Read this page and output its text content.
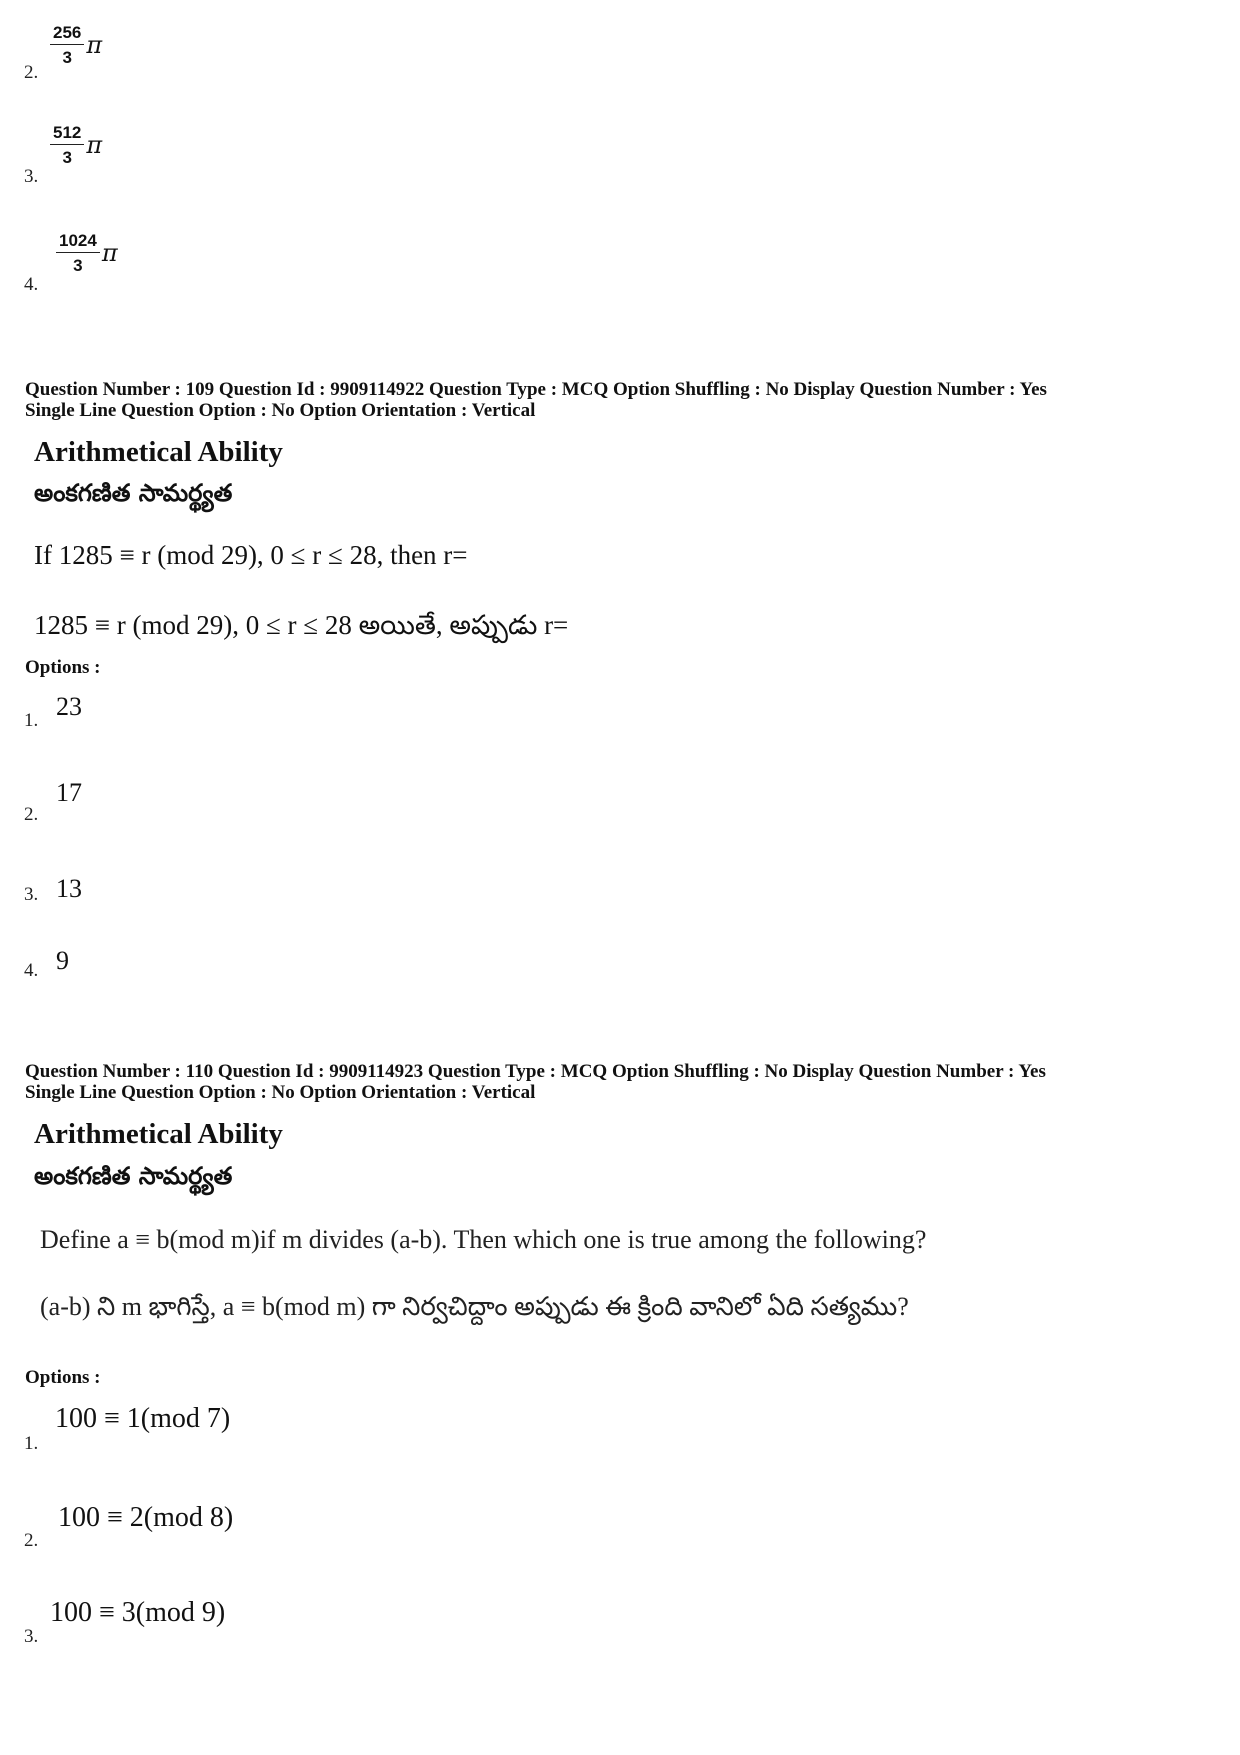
2.
$\frac{256}{3}$ π
3.
$\frac{512}{3}$ π
4.
$\frac{1024}{3}$ π
Question Number : 109 Question Id : 9909114922 Question Type : MCQ Option Shuffling : No Display Question Number : Yes
Single Line Question Option : No Option Orientation : Vertical
Arithmetical Ability
అంకగణిత సామర్థ్యత
If 1285 ≡ r (mod 29), 0 ≤ r ≤ 28, then r=
1285 ≡ r (mod 29), 0 ≤ r ≤ 28 అయితే, అప్పుడు r=
Options :
1. 23
2.
17
3. 13
4. 9
Question Number : 110 Question Id : 9909114923 Question Type : MCQ Option Shuffling : No Display Question Number : Yes
Single Line Question Option : No Option Orientation : Vertical
Arithmetical Ability
అంకగణిత సామర్థ్యత
Define a ≡ b(mod m)if m divides (a-b). Then which one is true among the following?
(a-b) ని m భాగిస్తే, a ≡ b(mod m) గా నిర్వచిద్దాం అప్పుడు ఈ క్రింది వానిలో ఏది సత్యము?
Options :
1.
100 ≡ 1(mod 7)
2.
100 ≡ 2(mod 8)
3.
100 ≡ 3(mod 9)
